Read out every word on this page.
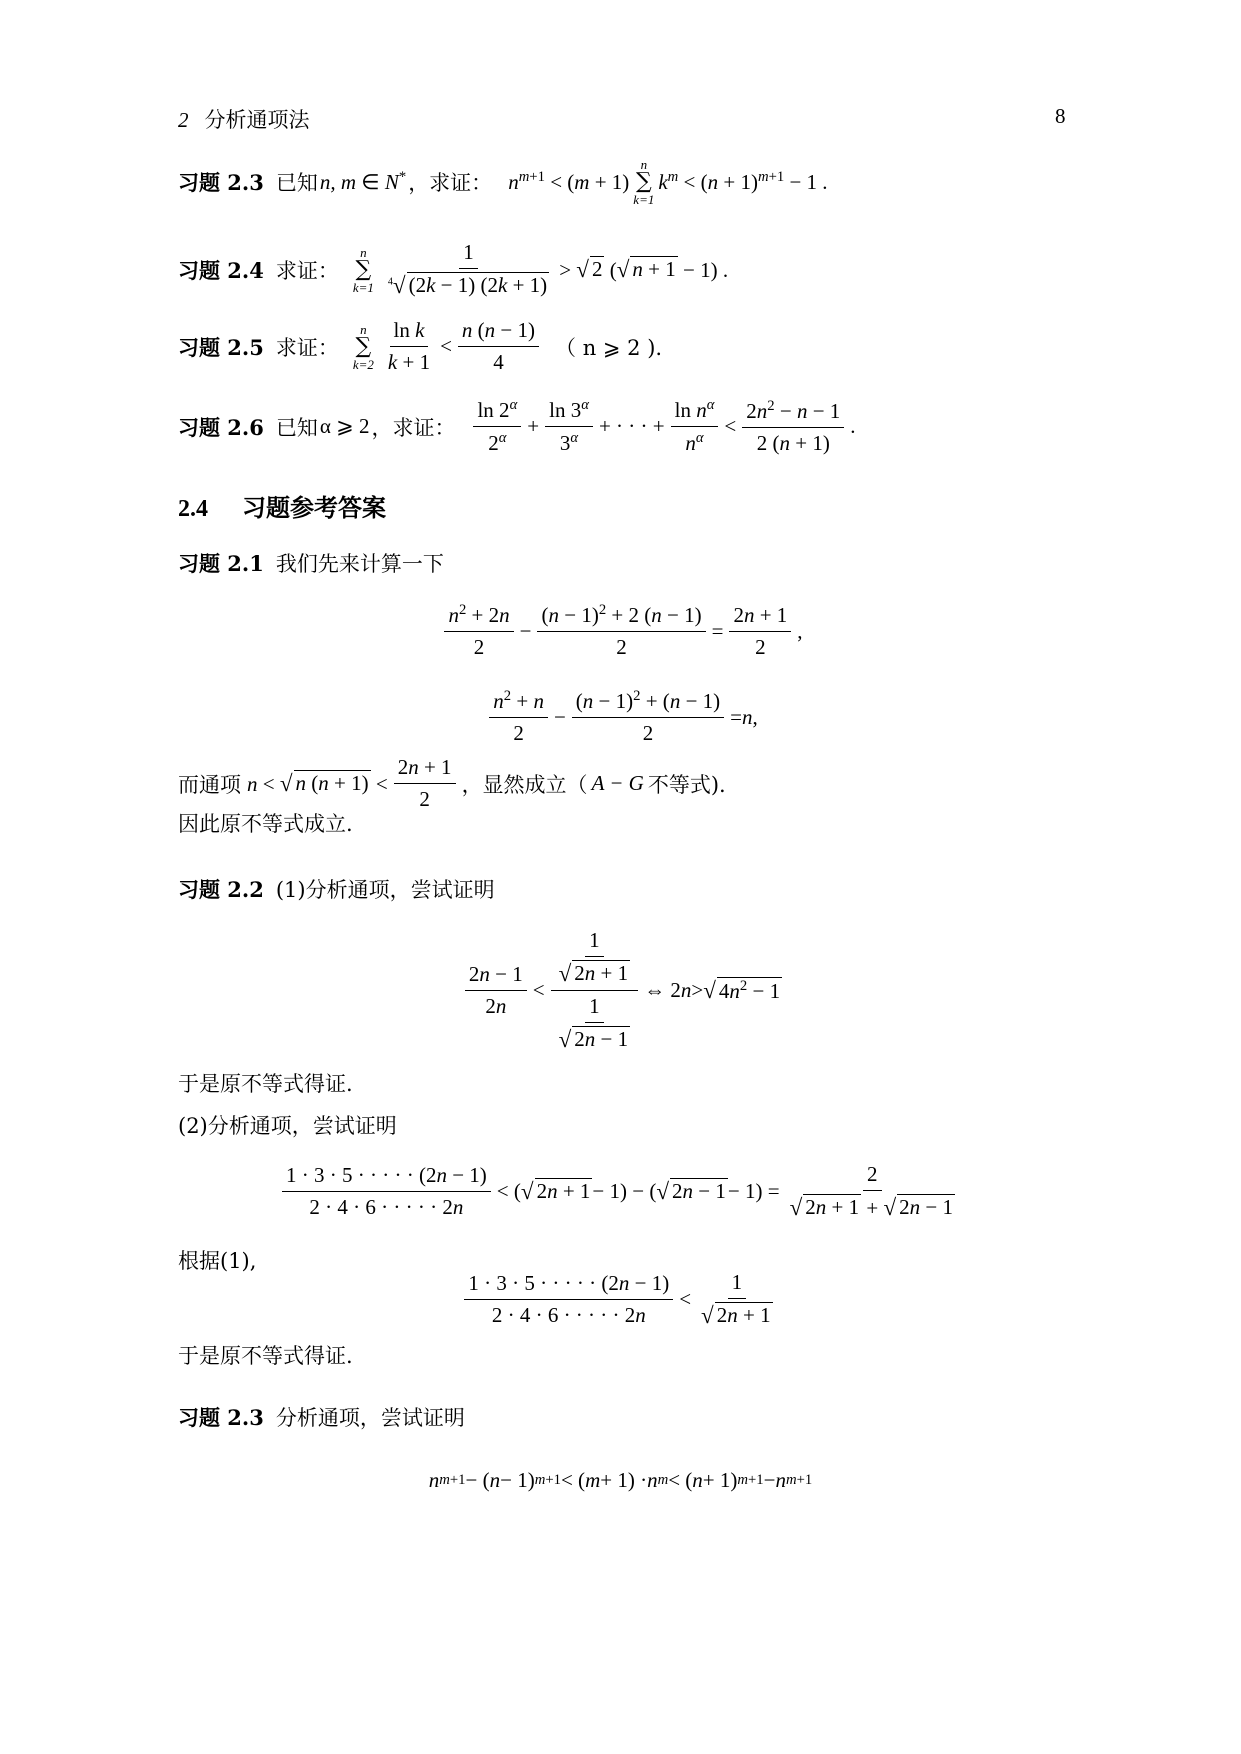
2 分析通项法	8
习题 2.3 已知 n, m ∈ N* ，求证： $n^{m+1} < (m + 1)$
n
∑
k=1
$k^m < (n + 1)^{m+1} - 1$ .
习题 2.4 求证：
n
∑
$k=1 \frac{1}{^4√ (2k - 1) (2k + 1)}$ > √ 2 ( √ n + 1 − 1) .
习题 2.5 求证：
n
∑
$k=2 \frac{\text{ln k}}{k + 1} < \frac{n (n - 1)}{4}$ （ n ⩾ 2 ).
习题 2.6 已知 α ⩾ 2 ，求证： $\frac{\ln 2^\alpha}{2^\alpha} + \frac{\ln 3^\alpha}{3^\alpha}$ + · · · + $\frac{\ln n^\alpha}{n^\alpha} < \frac{2n^2 - n - 1}{2 (n + 1)}$ .
2.4 习题参考答案
习题 2.1 我们先来计算一下
$\frac{n^2 + 2n}{2} - \frac{(n - 1)^2 + 2 (n - 1)}{2} = \frac{2n + 1}{2}$ ,
$\frac{n^2 + n}{2} - \frac{(n - 1)^2 + (n - 1)}{2} = n$ ,
而通项 n < √ n $(n + 1) < \frac{2n + 1}{2}$ ，显然成立（ A − G 不等式).
因此原不等式成立.
习题 2.2 (1)分析通项，尝试证明
$\frac{2n - 1}{2n} < \frac{\frac{1}{√ 2n + 1}}{\frac{1}{√ 2n - 1}}$ ⇔ 2 n > √ $4n^2 - 1$
于是原不等式得证.
(2)分析通项，尝试证明
$\frac{1 \cdot 3 \cdot 5 \cdot \cdot \cdot \cdot \cdot (2n - 1)}{2 \cdot 4 \cdot 6 \cdot \cdot \cdot \cdot \cdot 2n}$ < ( √ 2n + 1 − 1) − ( √ $2n - 1 - 1) = \frac{2}{√ 2n + 1 + √ 2n - 1}$
根据(1),
$\frac{1 \cdot 3 \cdot 5 \cdot \cdot \cdot \cdot \cdot (2n - 1)}{2 \cdot 4 \cdot 6 \cdot \cdot \cdot \cdot \cdot 2n} < \frac{1}{√ 2n + 1}$
于是原不等式得证.
习题 2.3 分析通项，尝试证明
n m+1 − ( n − 1) m+1 < ( m + 1) · n m < ( n + 1) m+1 − n m+1
